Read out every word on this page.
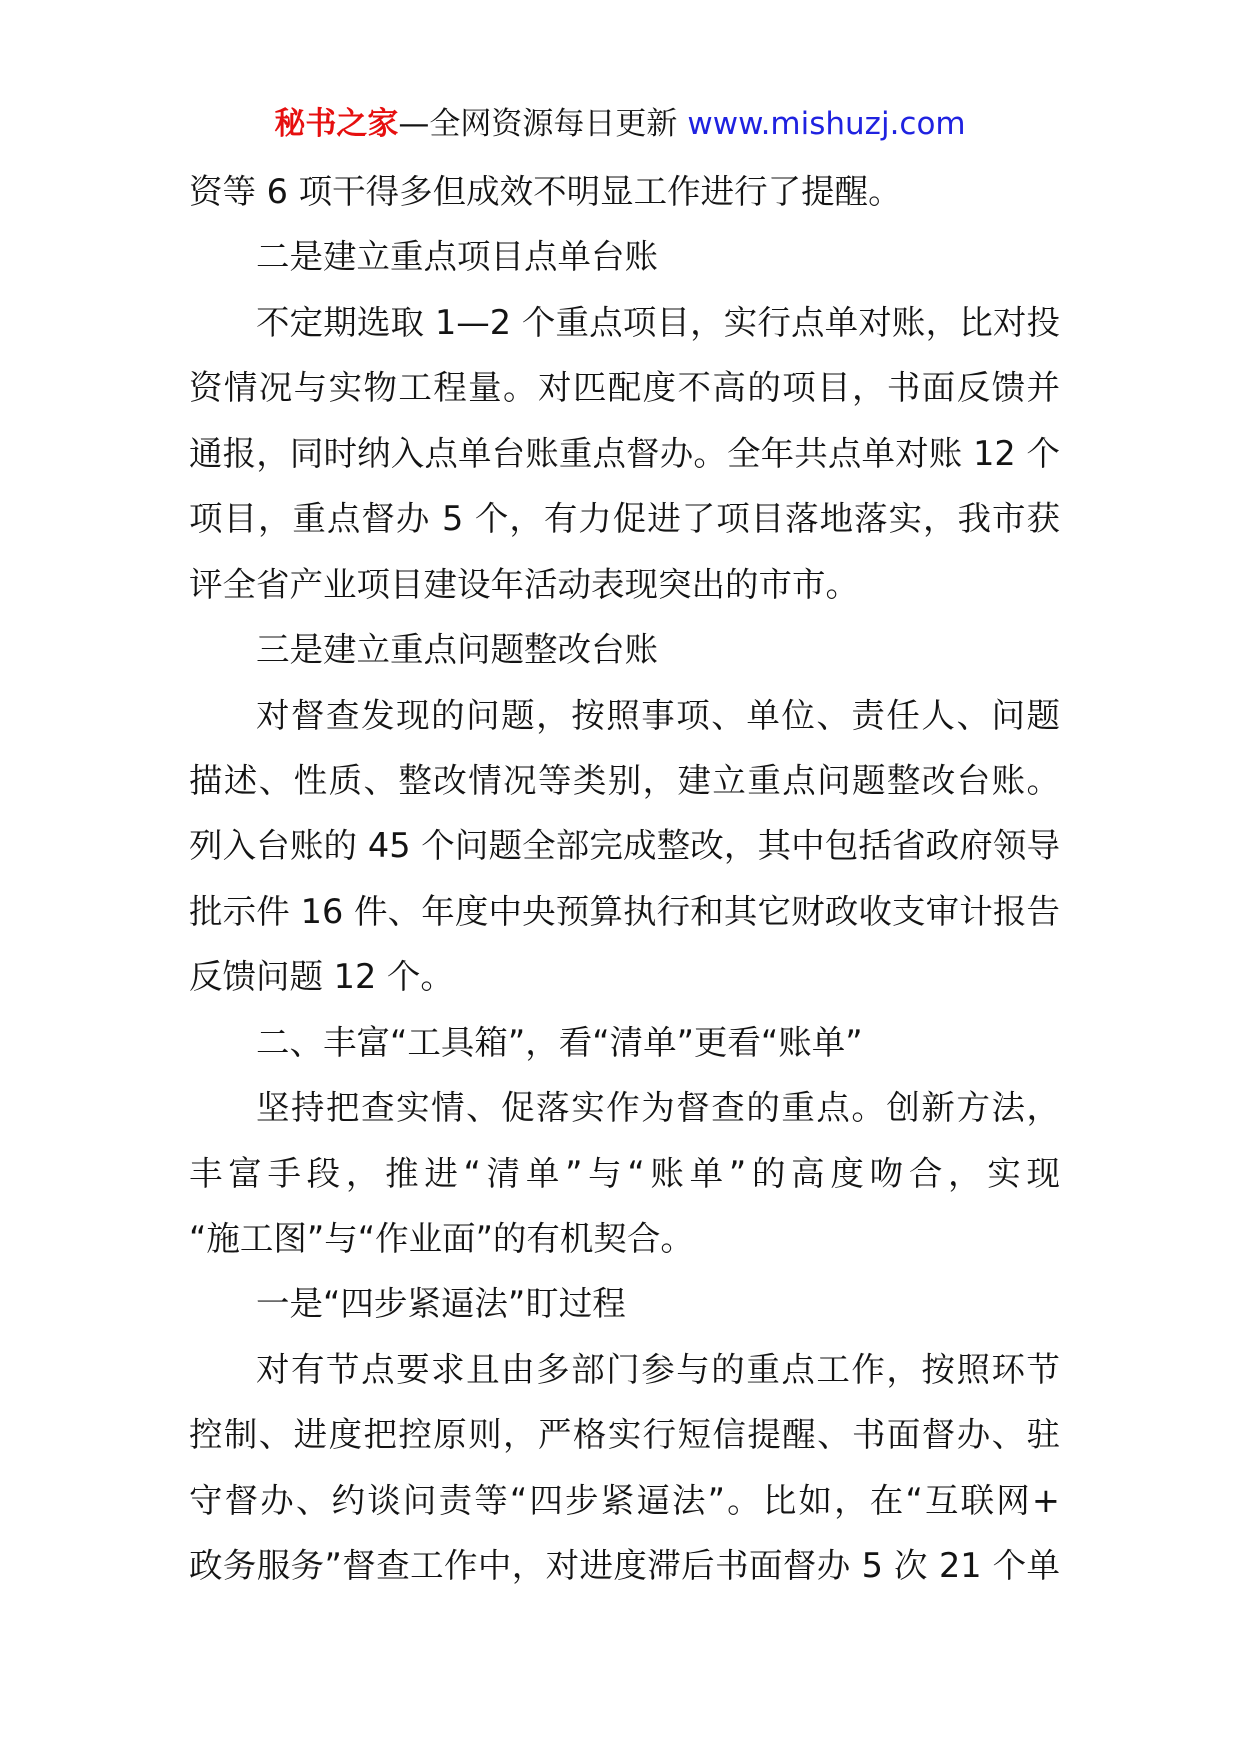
秘书之家—全网资源每日更新 www.mishuzj.com
资等 6 项干得多但成效不明显工作进行了提醒。
二是建立重点项目点单台账
不定期选取 1—2 个重点项目，实行点单对账，比对投
资情况与实物工程量。对匹配度不高的项目，书面反馈并
通报，同时纳入点单台账重点督办。全年共点单对账 12 个
项目，重点督办 5 个，有力促进了项目落地落实，我市获
评全省产业项目建设年活动表现突出的市市。
三是建立重点问题整改台账
对督查发现的问题，按照事项、单位、责任人、问题
描述、性质、整改情况等类别，建立重点问题整改台账。
列入台账的 45 个问题全部完成整改，其中包括省政府领导
批示件 16 件、年度中央预算执行和其它财政收支审计报告
反馈问题 12 个。
二、丰富“工具箱”，看“清单”更看“账单”
坚持把查实情、促落实作为督查的重点。创新方法，
丰富手段，推进“清单”与“账单”的高度吻合，实现
“施工图”与“作业面”的有机契合。
一是“四步紧逼法”盯过程
对有节点要求且由多部门参与的重点工作，按照环节
控制、进度把控原则，严格实行短信提醒、书面督办、驻
守督办、约谈问责等“四步紧逼法”。比如，在“互联网+
政务服务”督查工作中，对进度滞后书面督办 5 次 21 个单
